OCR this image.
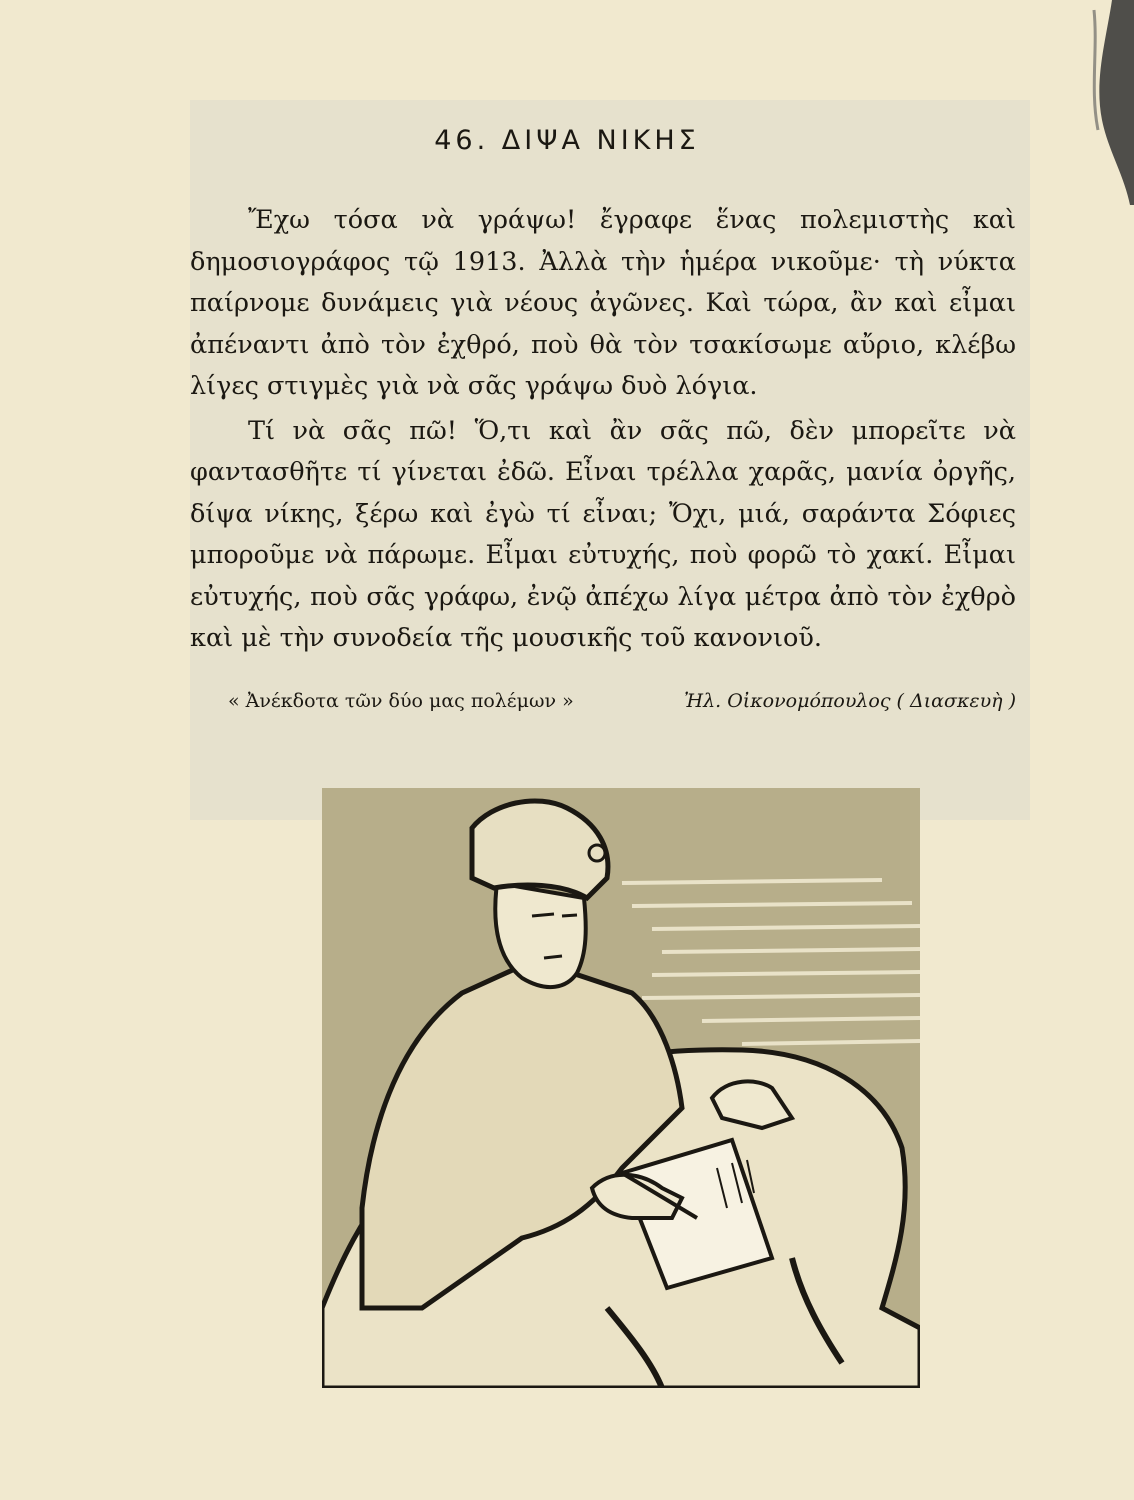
46. ΔΙΨΑ ΝΙΚΗΣ

Ἔχω τόσα νὰ γράψω! ἔγραφε ἕνας πολεμιστὴς καὶ δημοσιογράφος τῷ 1913. Ἀλλὰ τὴν ἡμέρα νικοῦμε· τὴ νύκτα παίρνομε δυνάμεις γιὰ νέους ἀγῶνες. Καὶ τώρα, ἂν καὶ εἶμαι ἀπέναντι ἀπὸ τὸν ἐχθρό, ποὺ θὰ τὸν τσακίσωμε αὔριο, κλέβω λίγες στιγμὲς γιὰ νὰ σᾶς γράψω δυὸ λόγια.

Τί νὰ σᾶς πῶ! Ὅ,τι καὶ ἂν σᾶς πῶ, δὲν μπορεῖτε νὰ φαντασθῆτε τί γίνεται ἐδῶ. Εἶναι τρέλλα χαρᾶς, μανία ὀργῆς, δίψα νίκης, ξέρω καὶ ἐγὼ τί εἶναι; Ὄχι, μιά, σαράντα Σόφιες μποροῦμε νὰ πάρωμε. Εἶμαι εὐτυχής, ποὺ φορῶ τὸ χακί. Εἶμαι εὐτυχής, ποὺ σᾶς γράφω, ἐνῷ ἀπέχω λίγα μέτρα ἀπὸ τὸν ἐχθρὸ καὶ μὲ τὴν συνοδεία τῆς μουσικῆς τοῦ κανονιοῦ.

« Ἀνέκδοτα τῶν δύο μας πολέμων »	Ἠλ. Οἰκονομόπουλος ( Διασκευὴ )
